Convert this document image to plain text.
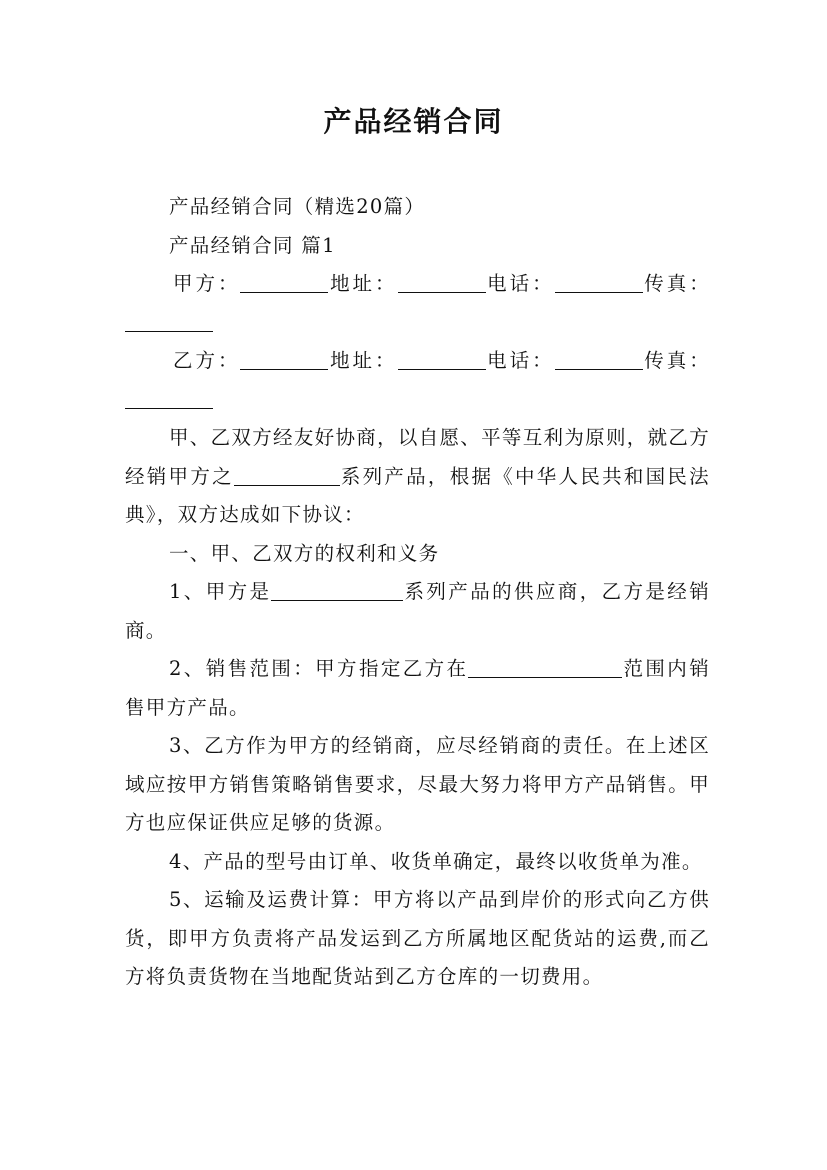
产品经销合同

产品经销合同（精选20篇）

产品经销合同 篇1

甲方：	地址：	电话：	传真：

乙方：	地址：	电话：	传真：

甲、乙双方经友好协商，以自愿、平等互利为原则，就乙方经销甲方之	系列产品，根据《中华人民共和国民法典》，双方达成如下协议：

一、甲、乙双方的权利和义务

1、甲方是	系列产品的供应商，乙方是经销商。

2、销售范围：甲方指定乙方在	范围内销售甲方产品。

3、乙方作为甲方的经销商，应尽经销商的责任。在上述区域应按甲方销售策略销售要求，尽最大努力将甲方产品销售。甲方也应保证供应足够的货源。

4、产品的型号由订单、收货单确定，最终以收货单为准。

5、运输及运费计算：甲方将以产品到岸价的形式向乙方供货，即甲方负责将产品发运到乙方所属地区配货站的运费,而乙方将负责货物在当地配货站到乙方仓库的一切费用。
